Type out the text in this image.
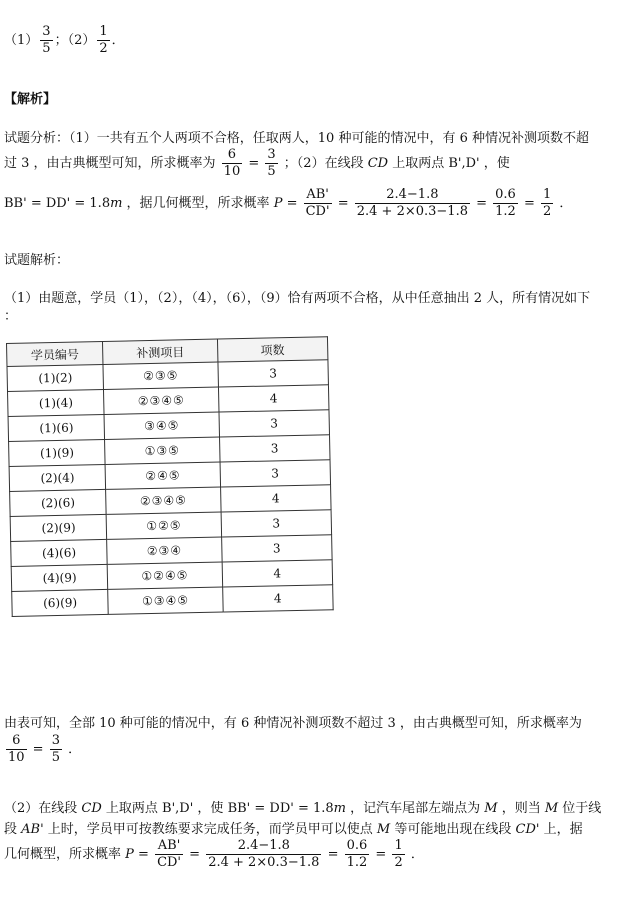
$(1) \frac{3}{5}$ ；$(2) \frac{1}{2}$ ．
【解析】
试题分析：（1）一共有五个人两项不合格，任取两人，10 种可能的情况中，有 6 种情况补测项数不超
过 3 ，由古典概型可知，所求概率为 $\frac{6}{10} = \frac{3}{5}$ ；（2）在线段 CD 上取两点 B',D' ，使
BB' = DD' = 1.8m ，据几何概型，所求概率 $P = \frac{AB'}{CD'} = \frac{2.4-1.8}{2.4 + 2\times 0.3-1.8} = \frac{0.6}{1.2} = \frac{1}{2}$ ．
试题解析：
（1）由题意，学员（1），（2），（4），（6），（9）恰有两项不合格，从中任意抽出 2 人，所有情况如下
：
学员编号	补测项目	项数
(1)(2)	②③⑤	3
(1)(4)	②③④⑤	4
(1)(6)	③④⑤	3
(1)(9)	①③⑤	3
(2)(4)	②④⑤	3
(2)(6)	②③④⑤	4
(2)(9)	①②⑤	3
(4)(6)	②③④	3
(4)(9)	①②④⑤	4
(6)(9)	①③④⑤	4
由表可知，全部 10 种可能的情况中，有 6 种情况补测项数不超过 3 ，由古典概型可知，所求概率为
$\frac{6}{10} = \frac{3}{5}$ ．
（2）在线段 CD 上取两点 B',D' ，使 BB' = DD' = 1.8m ，记汽车尾部左端点为 M ，则当 M 位于线
段 AB' 上时，学员甲可按教练要求完成任务，而学员甲可以使点 M 等可能地出现在线段 CD' 上，据
几何概型，所求概率 $P = \frac{AB'}{CD'} = \frac{2.4-1.8}{2.4 + 2\times 0.3-1.8} = \frac{0.6}{1.2} = \frac{1}{2}$ ．
